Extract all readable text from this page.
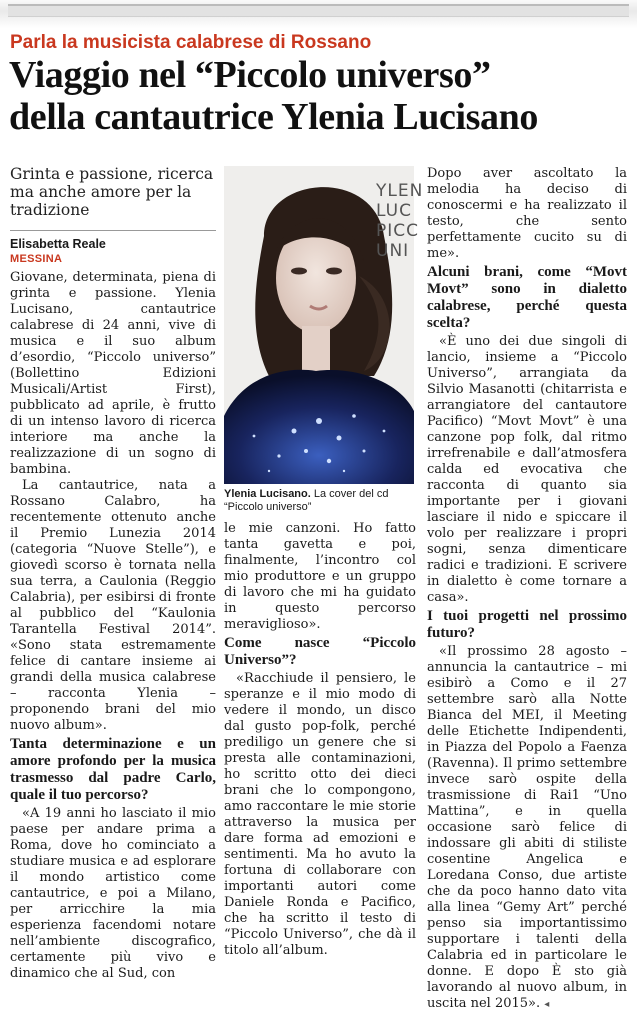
Parla la musicista calabrese di Rossano
Viaggio nel “Piccolo universo”
della cantautrice Ylenia Lucisano
Grinta e passione, ricerca ma anche amore per la tradizione
Elisabetta Reale
MESSINA

Giovane, determinata, piena di grinta e passione. Ylenia Lucisano, cantautrice calabrese di 24 anni, vive di musica e il suo album d’esordio, “Piccolo universo” (Bollettino Edizioni Musicali/Artist First), pubblicato ad aprile, è frutto di un intenso lavoro di ricerca interiore ma anche la realizzazione di un sogno di bambina.

La cantautrice, nata a Rossano Calabro, ha recentemente ottenuto anche il Premio Lunezia 2014 (categoria “Nuove Stelle”), e giovedì scorso è tornata nella sua terra, a Caulonia (Reggio Calabria), per esibirsi di fronte al pubblico del “Kaulonia Tarantella Festival 2014”. «Sono stata estremamente felice di cantare insieme ai grandi della musica calabrese – racconta Ylenia – proponendo brani del mio nuovo album».

Tanta determinazione e un amore profondo per la musica trasmesso dal padre Carlo, quale il tuo percorso?

«A 19 anni ho lasciato il mio paese per andare prima a Roma, dove ho cominciato a studiare musica e ad esplorare il mondo artistico come cantautrice, e poi a Milano, per arricchire la mia esperienza facendomi notare nell’ambiente discografico, certamente più vivo e dinamico che al Sud, con

YLEN
LUC
PICC
UNI
Ylenia Lucisano. La cover del cd “Piccolo universo”

le mie canzoni. Ho fatto tanta gavetta e poi, finalmente, l’incontro col mio produttore e un gruppo di lavoro che mi ha guidato in questo percorso meraviglioso».

Come nasce “Piccolo Universo”?

«Racchiude il pensiero, le speranze e il mio modo di vedere il mondo, un disco dal gusto pop-folk, perché prediligo un genere che si presta alle contaminazioni, ho scritto otto dei dieci brani che lo compongono, amo raccontare le mie storie attraverso la musica per dare forma ad emozioni e sentimenti. Ma ho avuto la fortuna di collaborare con importanti autori come Daniele Ronda e Pacifico, che ha scritto il testo di “Piccolo Universo”, che dà il titolo all’album.

Dopo aver ascoltato la melodia ha deciso di conoscermi e ha realizzato il testo, che sento perfettamente cucito su di me».

Alcuni brani, come “Movt Movt” sono in dialetto calabrese, perché questa scelta?

«È uno dei due singoli di lancio, insieme a “Piccolo Universo”, arrangiata da Silvio Masanotti (chitarrista e arrangiatore del cantautore Pacifico) “Movt Movt” è una canzone pop folk, dal ritmo irrefrenabile e dall’atmosfera calda ed evocativa che racconta di quanto sia importante per i giovani lasciare il nido e spiccare il volo per realizzare i propri sogni, senza dimenticare radici e tradizioni. E scrivere in dialetto è come tornare a casa».

I tuoi progetti nel prossimo futuro?

«Il prossimo 28 agosto – annuncia la cantautrice – mi esibirò a Como e il 27 settembre sarò alla Notte Bianca del MEI, il Meeting delle Etichette Indipendenti, in Piazza del Popolo a Faenza (Ravenna). Il primo settembre invece sarò ospite della trasmissione di Rai1 “Uno Mattina”, e in quella occasione sarò felice di indossare gli abiti di stiliste cosentine Angelica e Loredana Conso, due artiste che da poco hanno dato vita alla linea “Gemy Art” perché penso sia importantissimo supportare i talenti della Calabria ed in particolare le donne. E dopo È sto già lavorando al nuovo album, in uscita nel 2015». ◂
